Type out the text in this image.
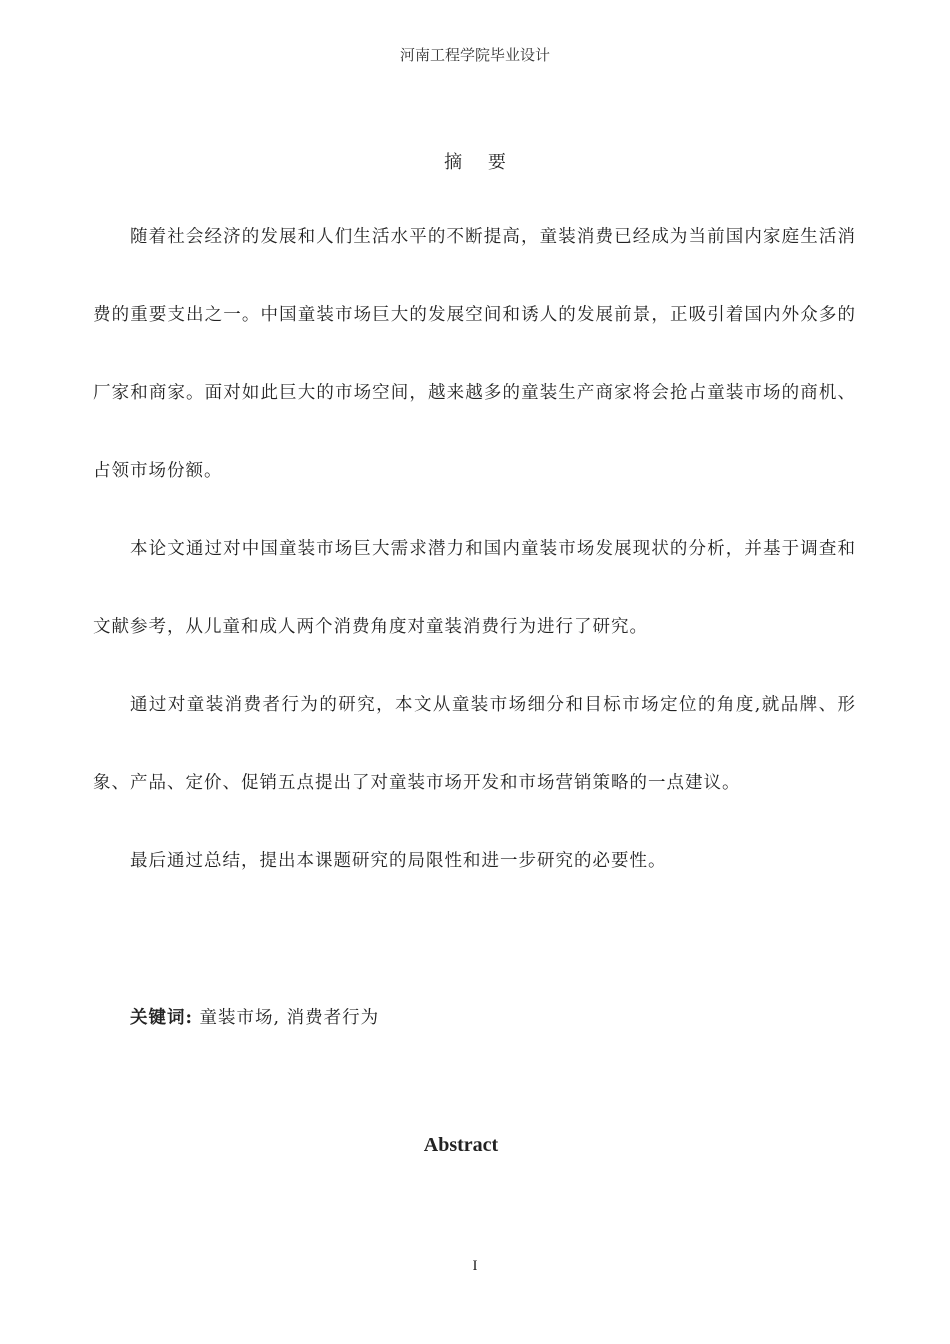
河南工程学院毕业设计
摘 要

随着社会经济的发展和人们生活水平的不断提高，童装消费已经成为当前国内家庭生活消费的重要支出之一。中国童装市场巨大的发展空间和诱人的发展前景，正吸引着国内外众多的厂家和商家。面对如此巨大的市场空间，越来越多的童装生产商家将会抢占童装市场的商机、占领市场份额。

本论文通过对中国童装市场巨大需求潜力和国内童装市场发展现状的分析，并基于调查和文献参考，从儿童和成人两个消费角度对童装消费行为进行了研究。

通过对童装消费者行为的研究，本文从童装市场细分和目标市场定位的角度,就品牌、形象、产品、定价、促销五点提出了对童装市场开发和市场营销策略的一点建议。

最后通过总结，提出本课题研究的局限性和进一步研究的必要性。

关键词: 童装市场, 消费者行为
Abstract
I
